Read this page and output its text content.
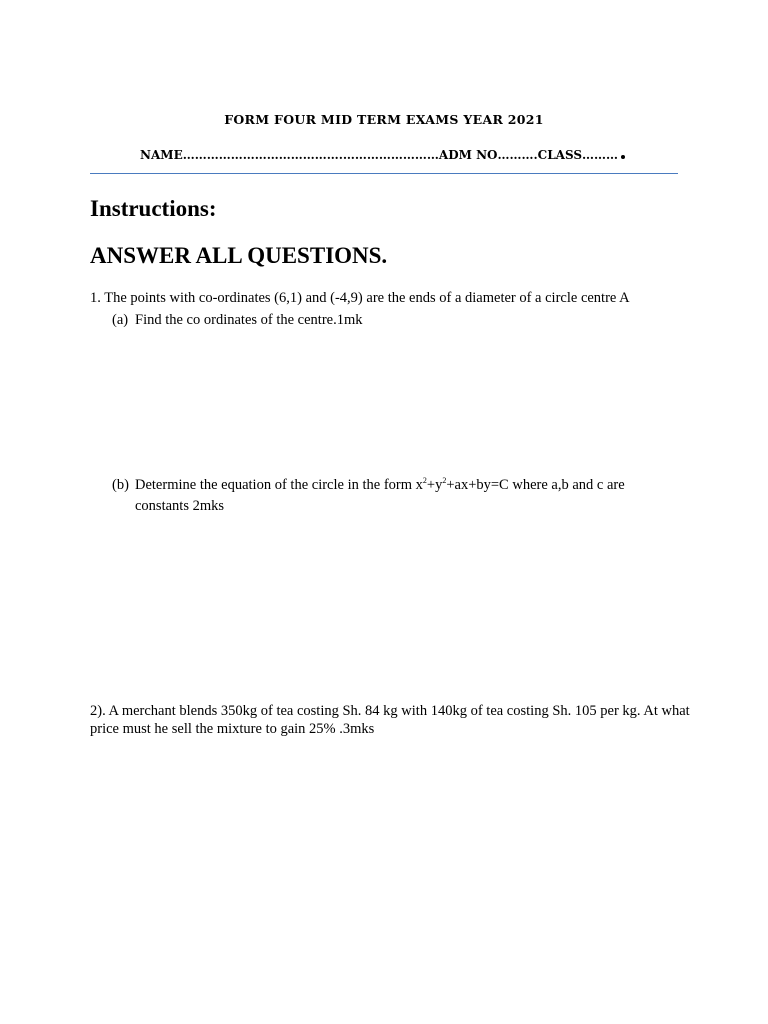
FORM FOUR MID TERM EXAMS YEAR 2021
NAME………………………………….……………………ADM NO……….CLASS………
Instructions:
ANSWER ALL QUESTIONS.
1. The points with co-ordinates (6,1) and (-4,9) are the ends of a diameter of a circle centre A
(a) Find the co ordinates of the centre.1mk
(b) Determine the equation of the circle in the form $x^2+y^2+ax+by=C$ where a,b and c are constants 2mks
2). A merchant blends 350kg of tea costing Sh. 84 kg with 140kg of tea costing Sh. 105 per kg. At what price must he sell the mixture to gain 25% .3mks
